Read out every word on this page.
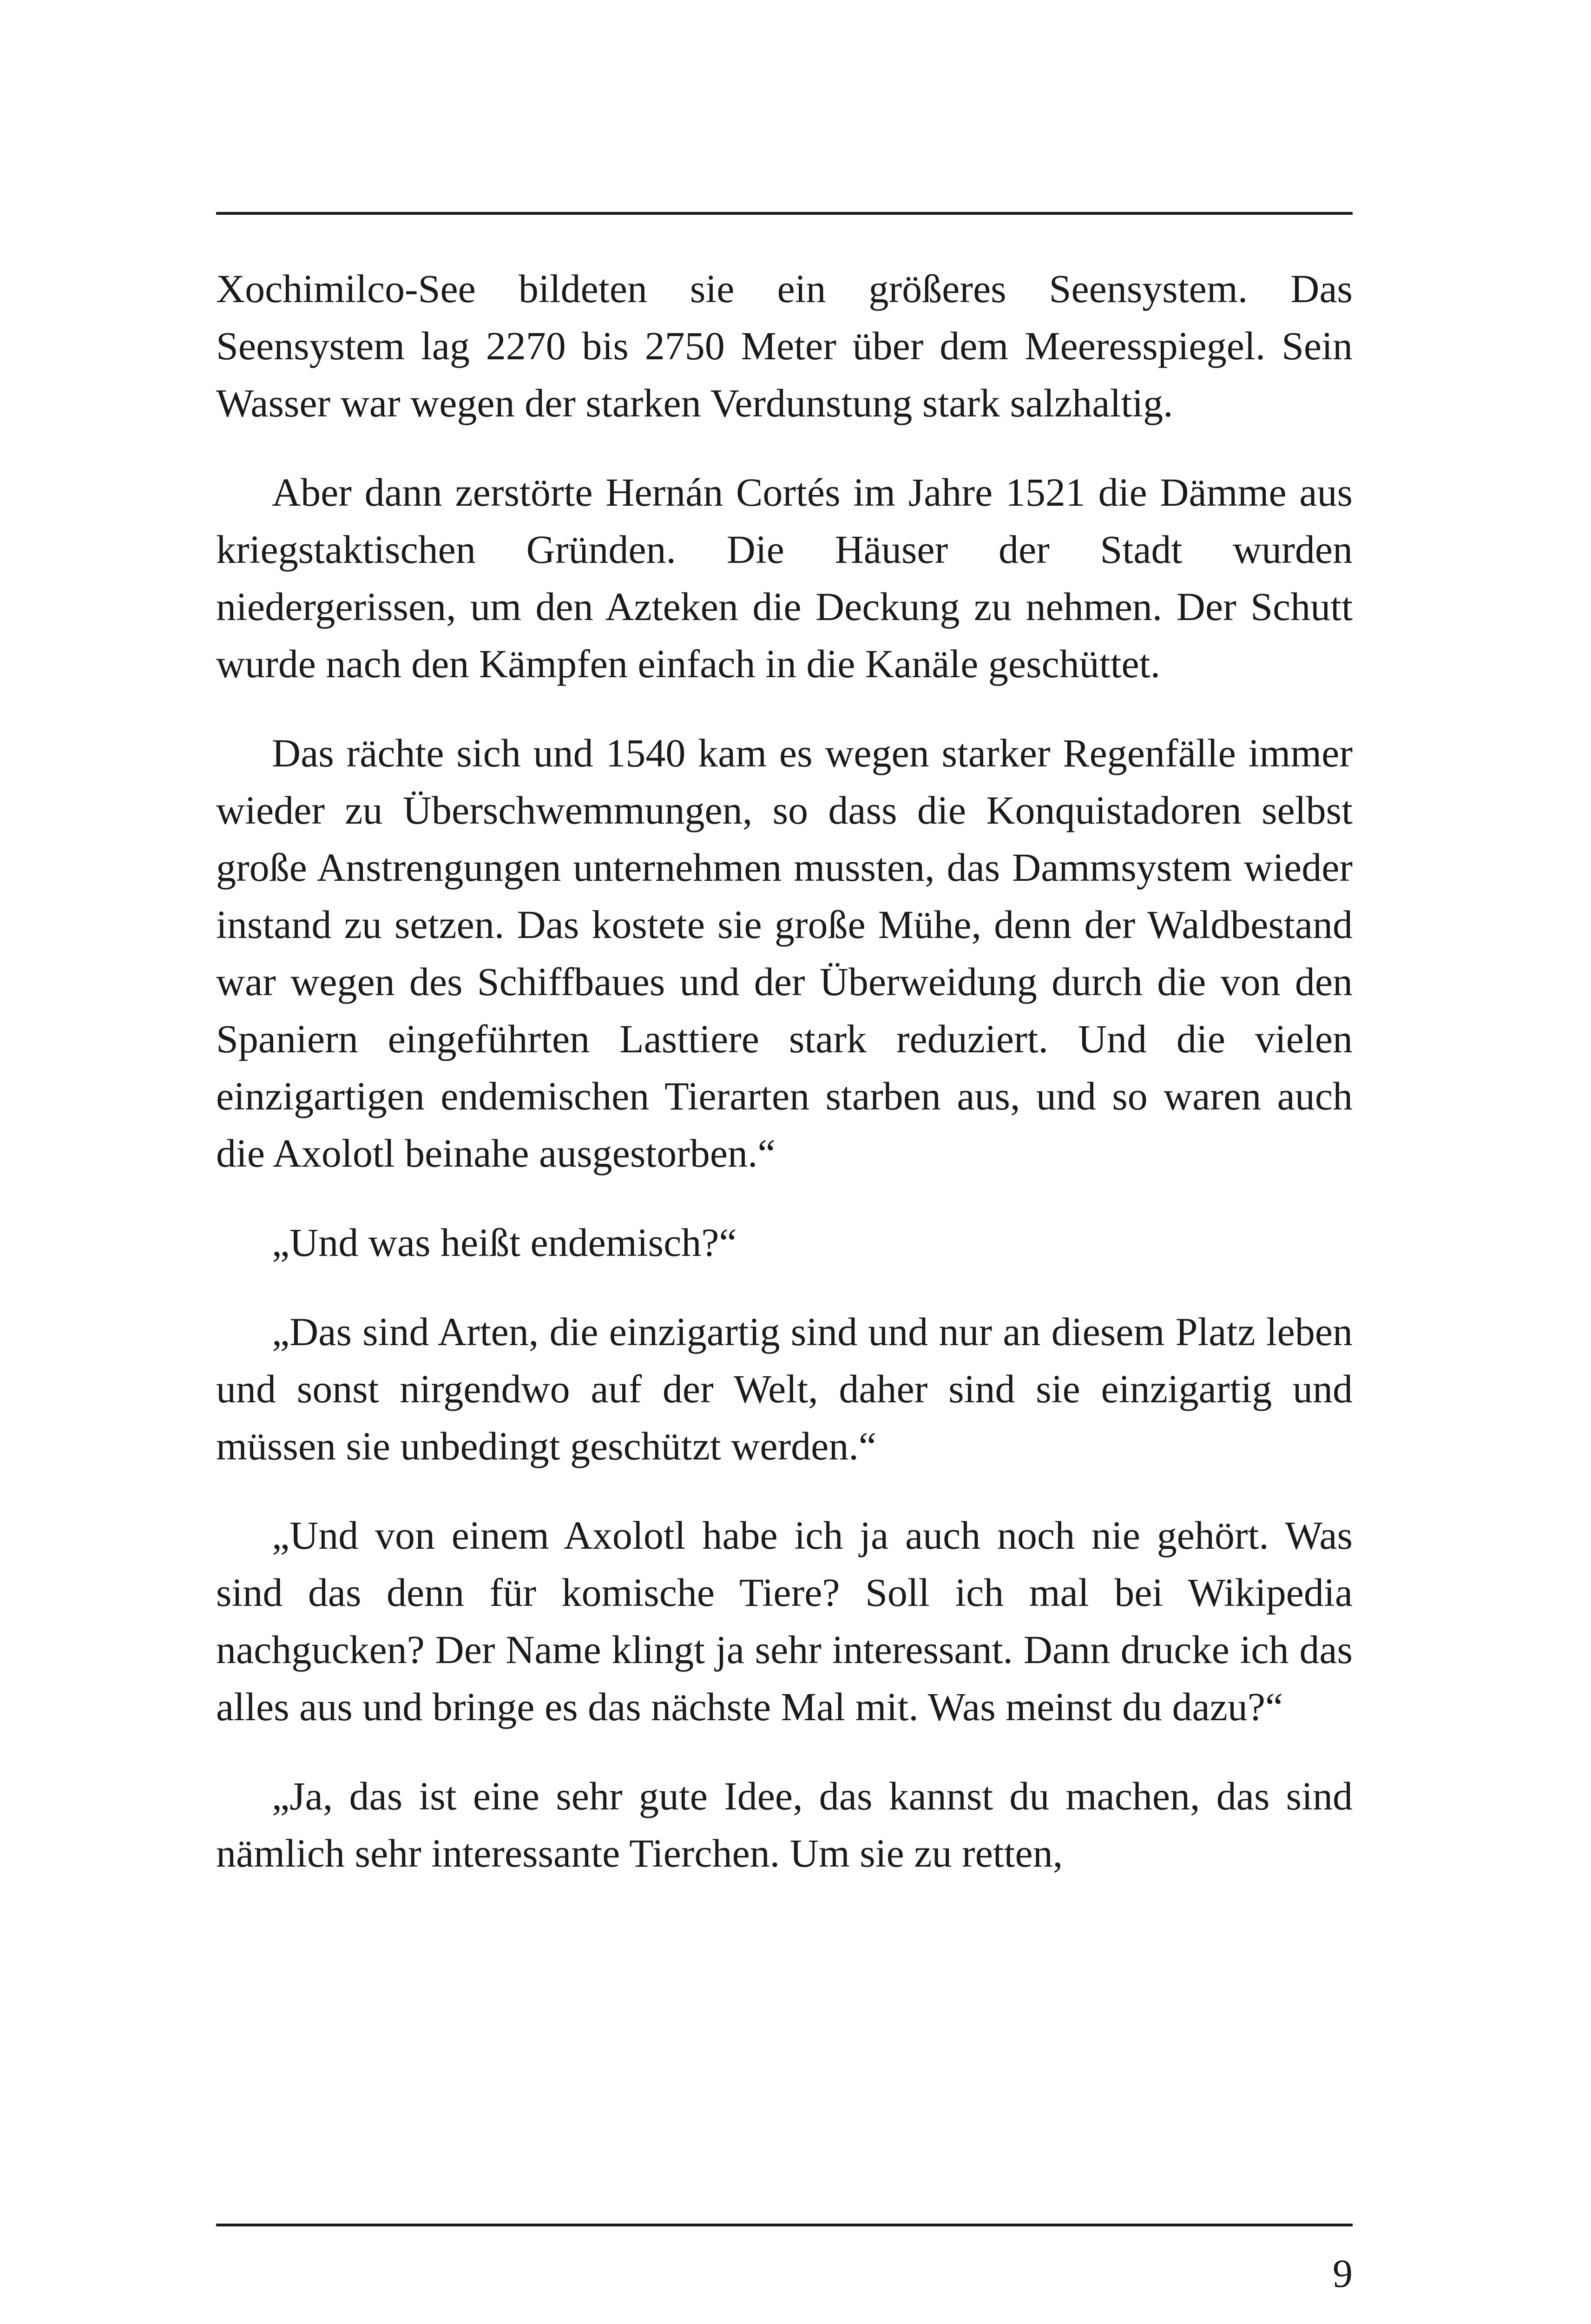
Xochimilco-See bildeten sie ein größeres Seensystem. Das Seensystem lag 2270 bis 2750 Meter über dem Meeresspiegel. Sein Wasser war wegen der starken Verdunstung stark salzhaltig.

Aber dann zerstörte Hernán Cortés im Jahre 1521 die Dämme aus kriegstaktischen Gründen. Die Häuser der Stadt wurden niedergerissen, um den Azteken die Deckung zu nehmen. Der Schutt wurde nach den Kämpfen einfach in die Kanäle geschüttet.

Das rächte sich und 1540 kam es wegen starker Regenfälle immer wieder zu Überschwemmungen, so dass die Konquistadoren selbst große Anstrengungen unternehmen mussten, das Dammsystem wieder instand zu setzen. Das kostete sie große Mühe, denn der Waldbestand war wegen des Schiffbaues und der Überweidung durch die von den Spaniern eingeführten Lasttiere stark reduziert. Und die vielen einzigartigen endemischen Tierarten starben aus, und so waren auch die Axolotl beinahe ausgestorben.“

„Und was heißt endemisch?“

„Das sind Arten, die einzigartig sind und nur an diesem Platz leben und sonst nirgendwo auf der Welt, daher sind sie einzigartig und müssen sie unbedingt geschützt werden.“

„Und von einem Axolotl habe ich ja auch noch nie gehört. Was sind das denn für komische Tiere? Soll ich mal bei Wikipedia nachgucken? Der Name klingt ja sehr interessant. Dann drucke ich das alles aus und bringe es das nächste Mal mit. Was meinst du dazu?“

„Ja, das ist eine sehr gute Idee, das kannst du machen, das sind nämlich sehr interessante Tierchen. Um sie zu retten,

9
